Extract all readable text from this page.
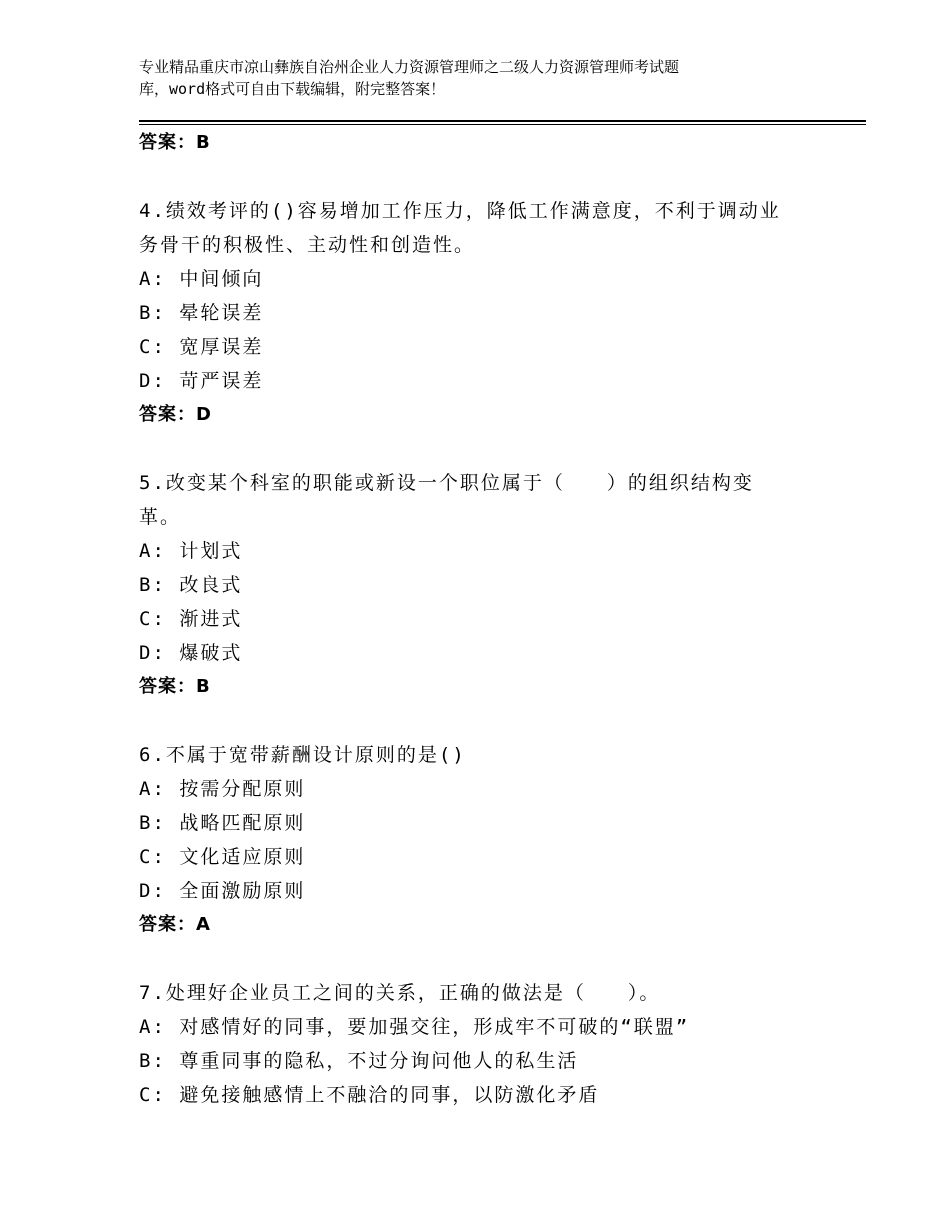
专业精品重庆市凉山彝族自治州企业人力资源管理师之二级人力资源管理师考试题
库，word格式可自由下载编辑，附完整答案！
答案：B
4.绩效考评的()容易增加工作压力，降低工作满意度，不利于调动业
务骨干的积极性、主动性和创造性。
A: 中间倾向
B: 晕轮误差
C: 宽厚误差
D: 苛严误差
答案：D
5.改变某个科室的职能或新设一个职位属于（　　）的组织结构变
革。
A: 计划式
B: 改良式
C: 渐进式
D: 爆破式
答案：B
6.不属于宽带薪酬设计原则的是()
A: 按需分配原则
B: 战略匹配原则
C: 文化适应原则
D: 全面激励原则
答案：A
7.处理好企业员工之间的关系，正确的做法是（　　）。
A: 对感情好的同事，要加强交往，形成牢不可破的“联盟”
B: 尊重同事的隐私，不过分询问他人的私生活
C: 避免接触感情上不融洽的同事，以防激化矛盾
